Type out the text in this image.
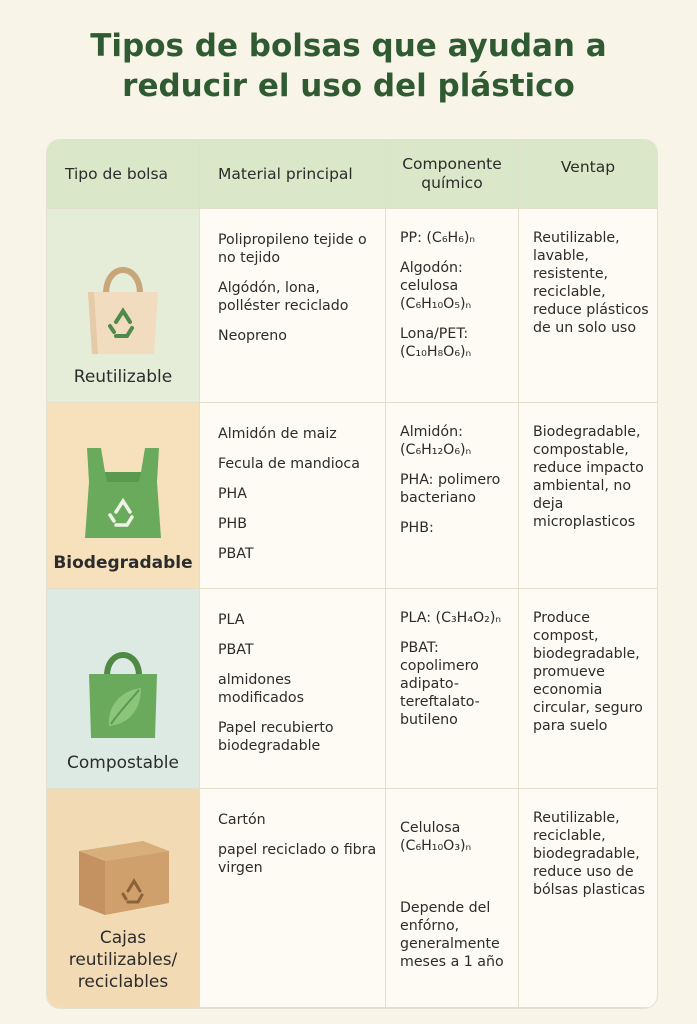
Tipos de bolsas que ayudan a
reducir el uso del plástico
Tipo de bolsa	Material principal
Componente
químico
Ventap
Reutilizable
Polipropileno tejide o no tejido
Algódón, lona, polléster reciclado
Neopreno
PP: (C₆H₆)ₙ
Algodón: celulosa (C₆H₁₀O₅)ₙ
Lona/PET: (C₁₀H₈O₆)ₙ
Reutilizable, lavable, resistente, reciclable, reduce plásticos de un solo uso
Biodegradable
Almidón de maiz
Fecula de mandioca
PHA
PHB
PBAT
Almidón: (C₆H₁₂O₆)ₙ
PHA: polimero bacteriano
PHB:
Biodegradable, compostable, reduce impacto ambiental, no deja microplasticos
Compostable
PLA
PBAT
almidones modificados
Papel recubierto biodegradable
PLA: (C₃H₄O₂)ₙ
PBAT: copolimero adipato-tereftalato-butileno
Produce compost, biodegradable, promueve economia circular, seguro para suelo
Cajas reutilizables/ reciclables
Cartón
papel reciclado o fibra virgen
Celulosa (C₆H₁₀O₃)ₙ
Depende del enfórno, generalmente meses a 1 año
Reutilizable, reciclable, biodegradable, reduce uso de bólsas plasticas
